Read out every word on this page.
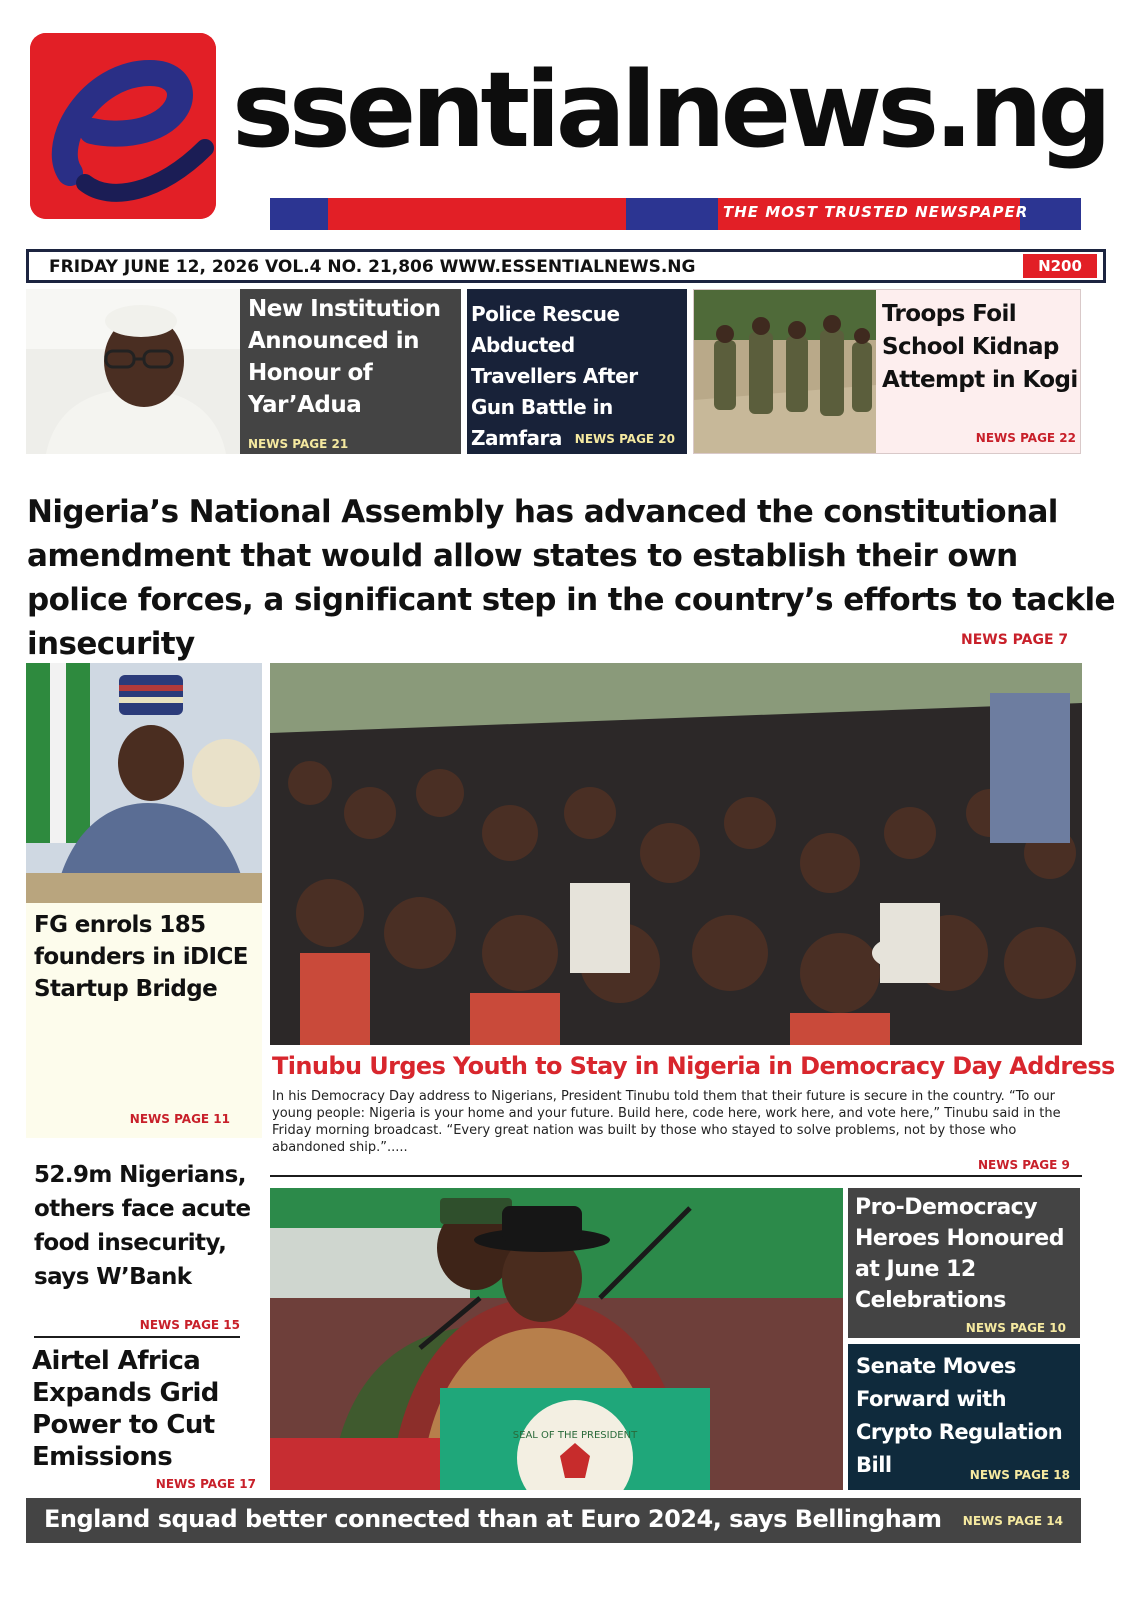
ssentialnews.ng
THE MOST TRUSTED NEWSPAPER
FRIDAY JUNE 12, 2026 VOL.4 NO. 21,806 WWW.ESSENTIALNEWS.NG	N200
New Institution Announced in Honour of Yar’Adua
NEWS PAGE 21
Police Rescue Abducted Travellers After Gun Battle in Zamfara	NEWS PAGE 20
Troops Foil School Kidnap Attempt in Kogi
NEWS PAGE 22
Nigeria’s National Assembly has advanced the constitutional amendment that would allow states to establish their own police forces, a significant step in the country’s efforts to tackle insecurity	NEWS PAGE 7
FG enrols 185 founders in iDICE Startup Bridge
NEWS PAGE 11
52.9m Nigerians, others face acute food insecurity, says W’Bank
NEWS PAGE 15
Airtel Africa Expands Grid Power to Cut Emissions
NEWS PAGE 17
Tinubu Urges Youth to Stay in Nigeria in Democracy Day Address
In his Democracy Day address to Nigerians, President Tinubu told them that their future is secure in the country. “To our young people: Nigeria is your home and your future. Build here, code here, work here, and vote here,” Tinubu said in the Friday morning broadcast. “Every great nation was built by those who stayed to solve problems, not by those who abandoned ship.”.....
NEWS PAGE 9
SEAL OF THE PRESIDENT
Pro-Democracy Heroes Honoured at June 12 Celebrations
NEWS PAGE 10
Senate Moves Forward with Crypto Regulation Bill	NEWS PAGE 18
England squad better connected than at Euro 2024, says Bellingham NEWS PAGE 14
